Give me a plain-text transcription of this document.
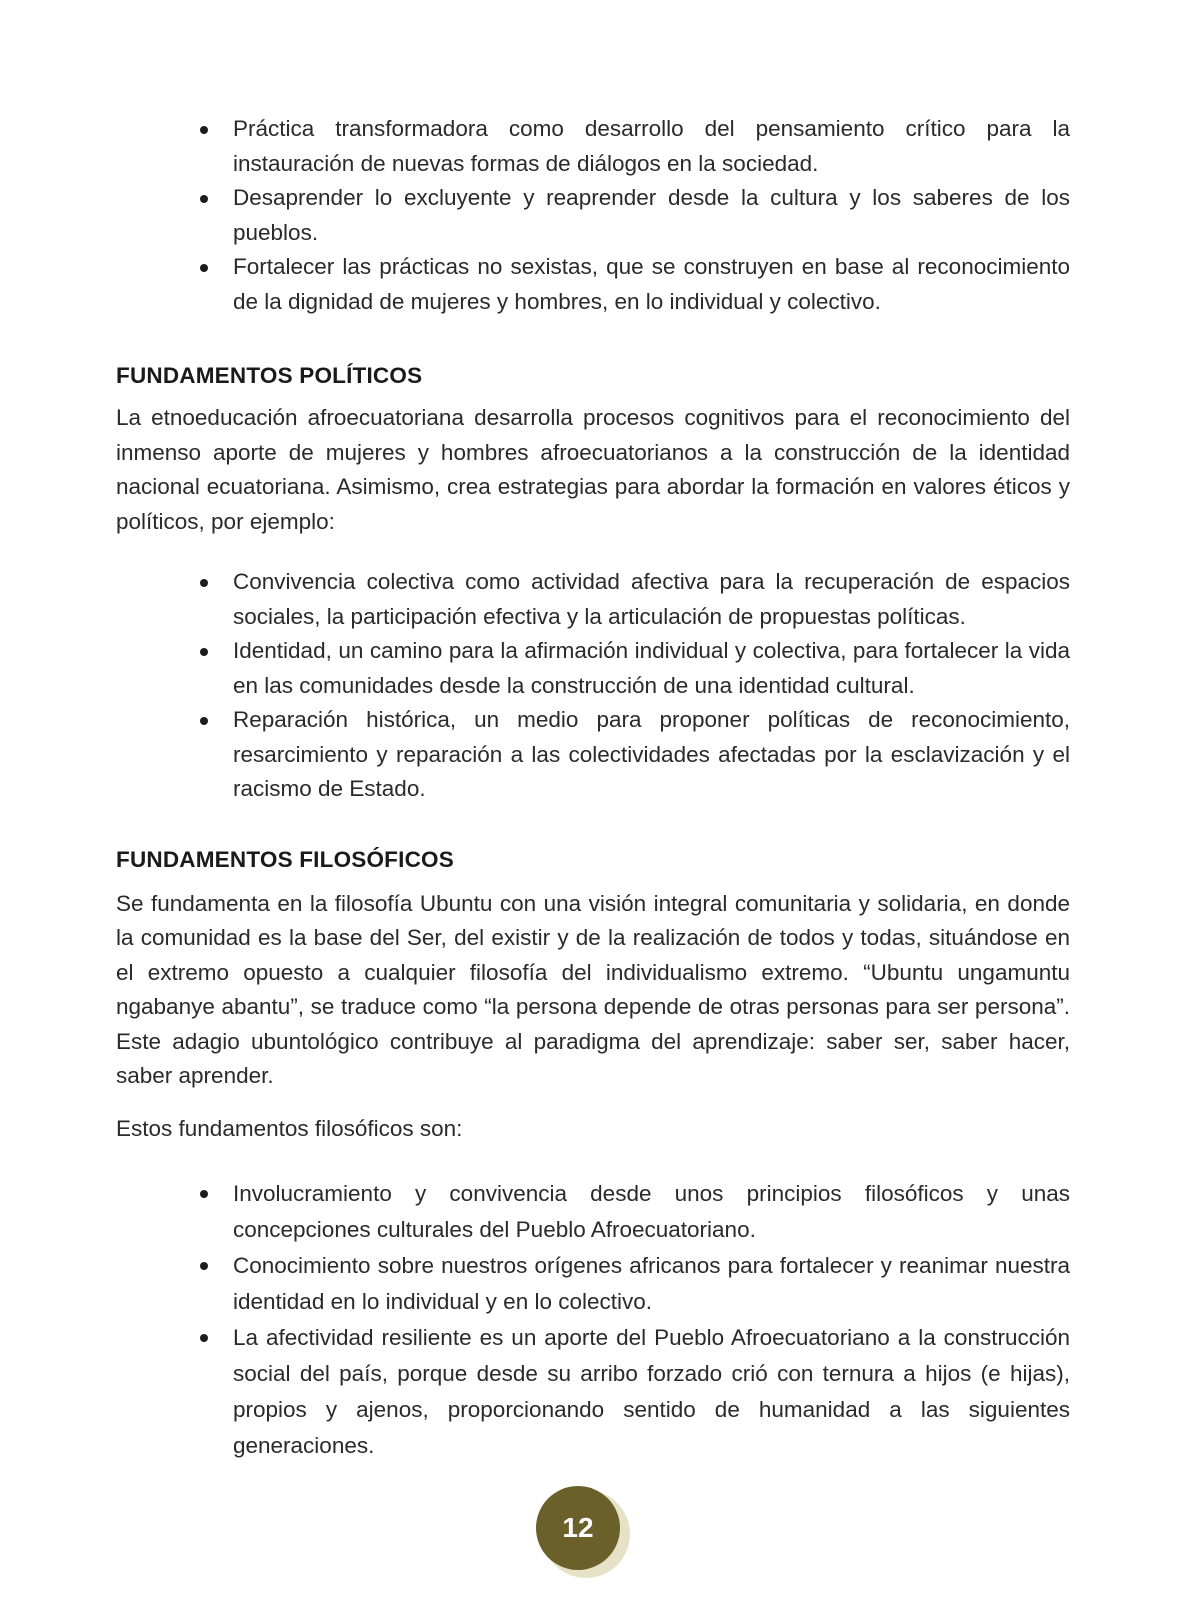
Práctica transformadora como desarrollo del pensamiento crítico para la instauración de nuevas formas de diálogos en la sociedad.
Desaprender lo excluyente y reaprender desde la cultura y los saberes de los pueblos.
Fortalecer las prácticas no sexistas, que se construyen en base al reconocimiento de la dignidad de mujeres y hombres, en lo individual y colectivo.
FUNDAMENTOS POLÍTICOS

La etnoeducación afroecuatoriana desarrolla procesos cognitivos para el reconocimiento del inmenso aporte de mujeres y hombres afroecuatorianos a la construcción de la identidad nacional ecuatoriana. Asimismo, crea estrategias para abordar la formación en valores éticos y políticos, por ejemplo:

Convivencia colectiva como actividad afectiva para la recuperación de espacios sociales, la participación efectiva y la articulación de propuestas políticas.
Identidad, un camino para la afirmación individual y colectiva, para fortalecer la vida en las comunidades desde la construcción de una identidad cultural.
Reparación histórica, un medio para proponer políticas de reconocimiento, resarcimiento y reparación a las colectividades afectadas por la esclavización y el racismo de Estado.
FUNDAMENTOS FILOSÓFICOS

Se fundamenta en la filosofía Ubuntu con una visión integral comunitaria y solidaria, en donde la comunidad es la base del Ser, del existir y de la realización de todos y todas, situándose en el extremo opuesto a cualquier filosofía del individualismo extremo. “Ubuntu ungamuntu ngabanye abantu”, se traduce como “la persona depende de otras personas para ser persona”. Este adagio ubuntológico contribuye al paradigma del aprendizaje: saber ser, saber hacer, saber aprender.

Estos fundamentos filosóficos son:

Involucramiento y convivencia desde unos principios filosóficos y unas concepciones culturales del Pueblo Afroecuatoriano.
Conocimiento sobre nuestros orígenes africanos para fortalecer y reanimar nuestra identidad en lo individual y en lo colectivo.
La afectividad resiliente es un aporte del Pueblo Afroecuatoriano a la construcción social del país, porque desde su arribo forzado crió con ternura a hijos (e hijas), propios y ajenos, proporcionando sentido de humanidad a las siguientes generaciones.
12
